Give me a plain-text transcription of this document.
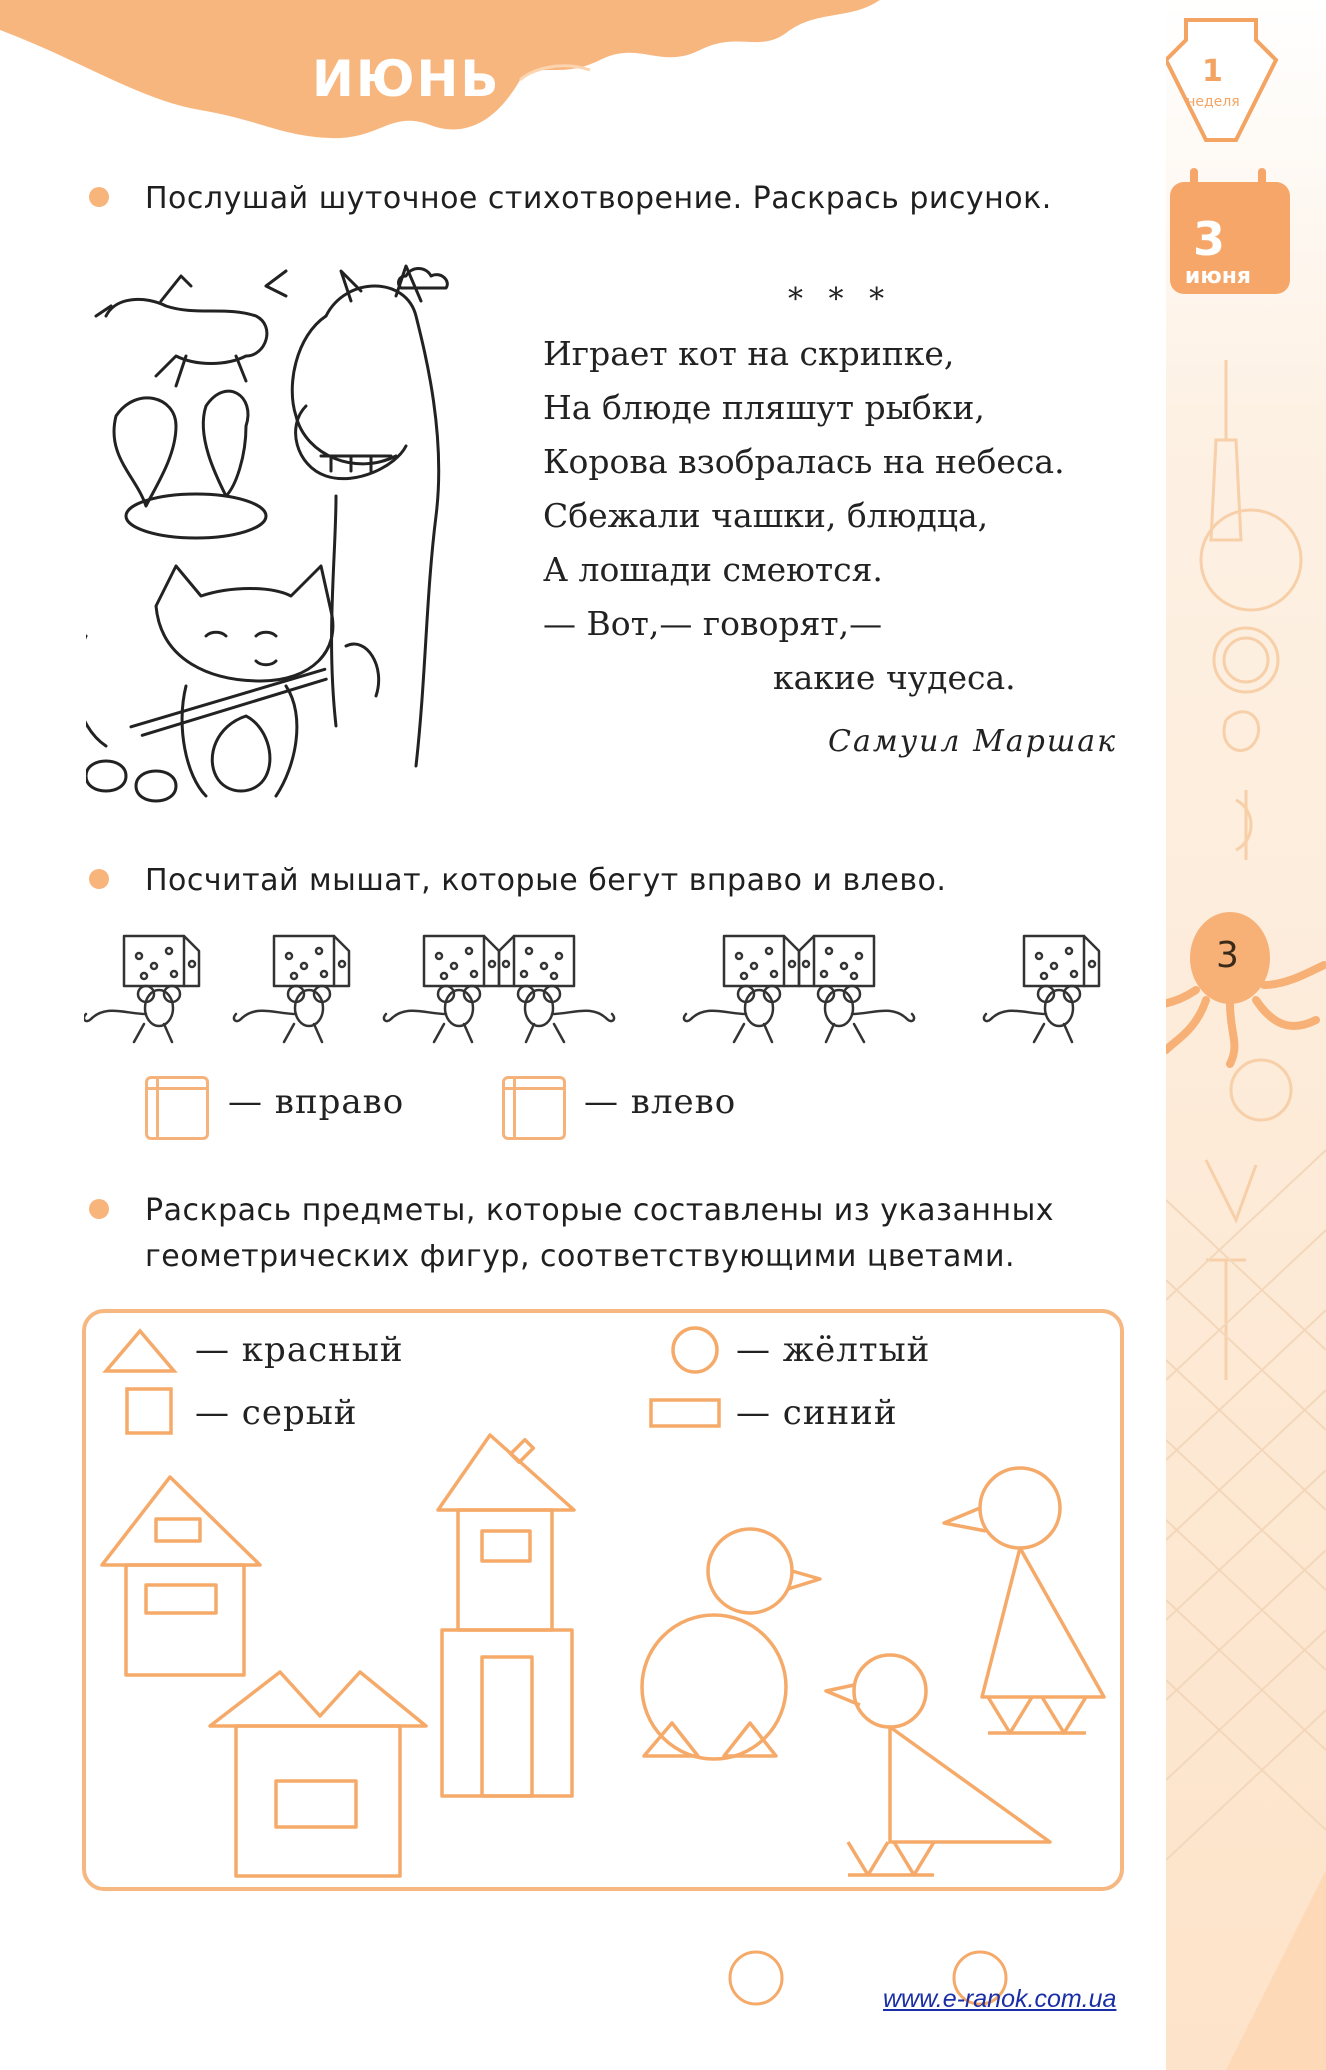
ИЮНЬ	1
неделя
3
июня
3
Послушай шуточное стихотворение. Раскрась рисунок.
* * *
Играет кот на скрипке,
На блюде пляшут рыбки,
Корова взобралась на небеса.
Сбежали чашки, блюдца,
А лошади смеются.
— Вот,— говорят,—
какие чудеса.
Самуил Маршак
Посчитай мышат, которые бегут вправо и влево.
— вправо	— влево
Раскрась предметы, которые составлены из указанных
геометрических фигур, соответствующими цветами.
— красный
— серый
— жёлтый
— синий
www.e-ranok.com.ua
